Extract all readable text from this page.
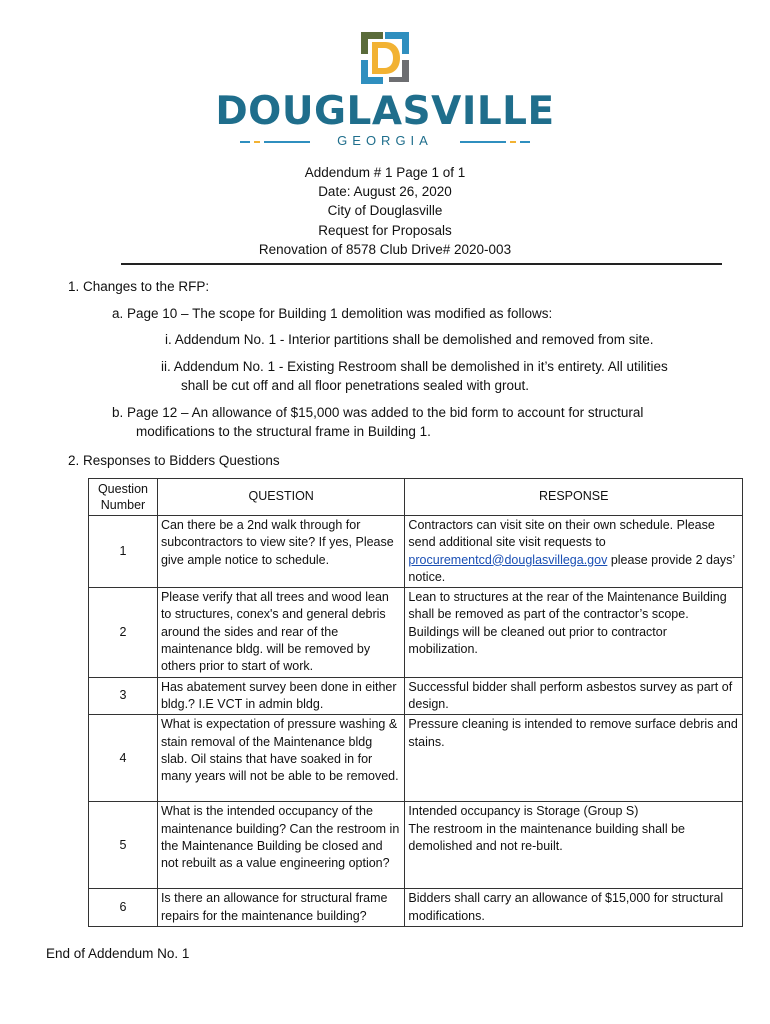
DOUGLASVILLE
GEORGIA
Addendum # 1 Page 1 of 1
Date: August 26, 2020
City of Douglasville
Request for Proposals
Renovation of 8578 Club Drive# 2020-003
1. Changes to the RFP:
a. Page 10 – The scope for Building 1 demolition was modified as follows:
i. Addendum No. 1 - Interior partitions shall be demolished and removed from site.
ii. Addendum No. 1 - Existing Restroom shall be demolished in it’s entirety. All utilities
shall be cut off and all floor penetrations sealed with grout.
b. Page 12 – An allowance of $15,000 was added to the bid form to account for structural
modifications to the structural frame in Building 1.
2. Responses to Bidders Questions
Question
Number	QUESTION	RESPONSE
1	Can there be a 2nd walk through for subcontractors to view site? If yes, Please give ample notice to schedule.	Contractors can visit site on their own schedule. Please send additional site visit requests to procurementcd@douglasvillega.gov please provide 2 days’ notice.
2	Please verify that all trees and wood lean to structures, conex's and general debris around the sides and rear of the maintenance bldg. will be removed by others prior to start of work.	Lean to structures at the rear of the Maintenance Building shall be removed as part of the contractor’s scope. Buildings will be cleaned out prior to contractor mobilization.
3	Has abatement survey been done in either bldg.? I.E VCT in admin bldg.	Successful bidder shall perform asbestos survey as part of design.
4	What is expectation of pressure washing & stain removal of the Maintenance bldg slab. Oil stains that have soaked in for many years will not be able to be removed.	Pressure cleaning is intended to remove surface debris and stains.
5	What is the intended occupancy of the maintenance building? Can the restroom in the Maintenance Building be closed and not rebuilt as a value engineering option?	Intended occupancy is Storage (Group S)
The restroom in the maintenance building shall be demolished and not re-built.

6	Is there an allowance for structural frame repairs for the maintenance building?	Bidders shall carry an allowance of $15,000 for structural modifications.
End of Addendum No. 1
